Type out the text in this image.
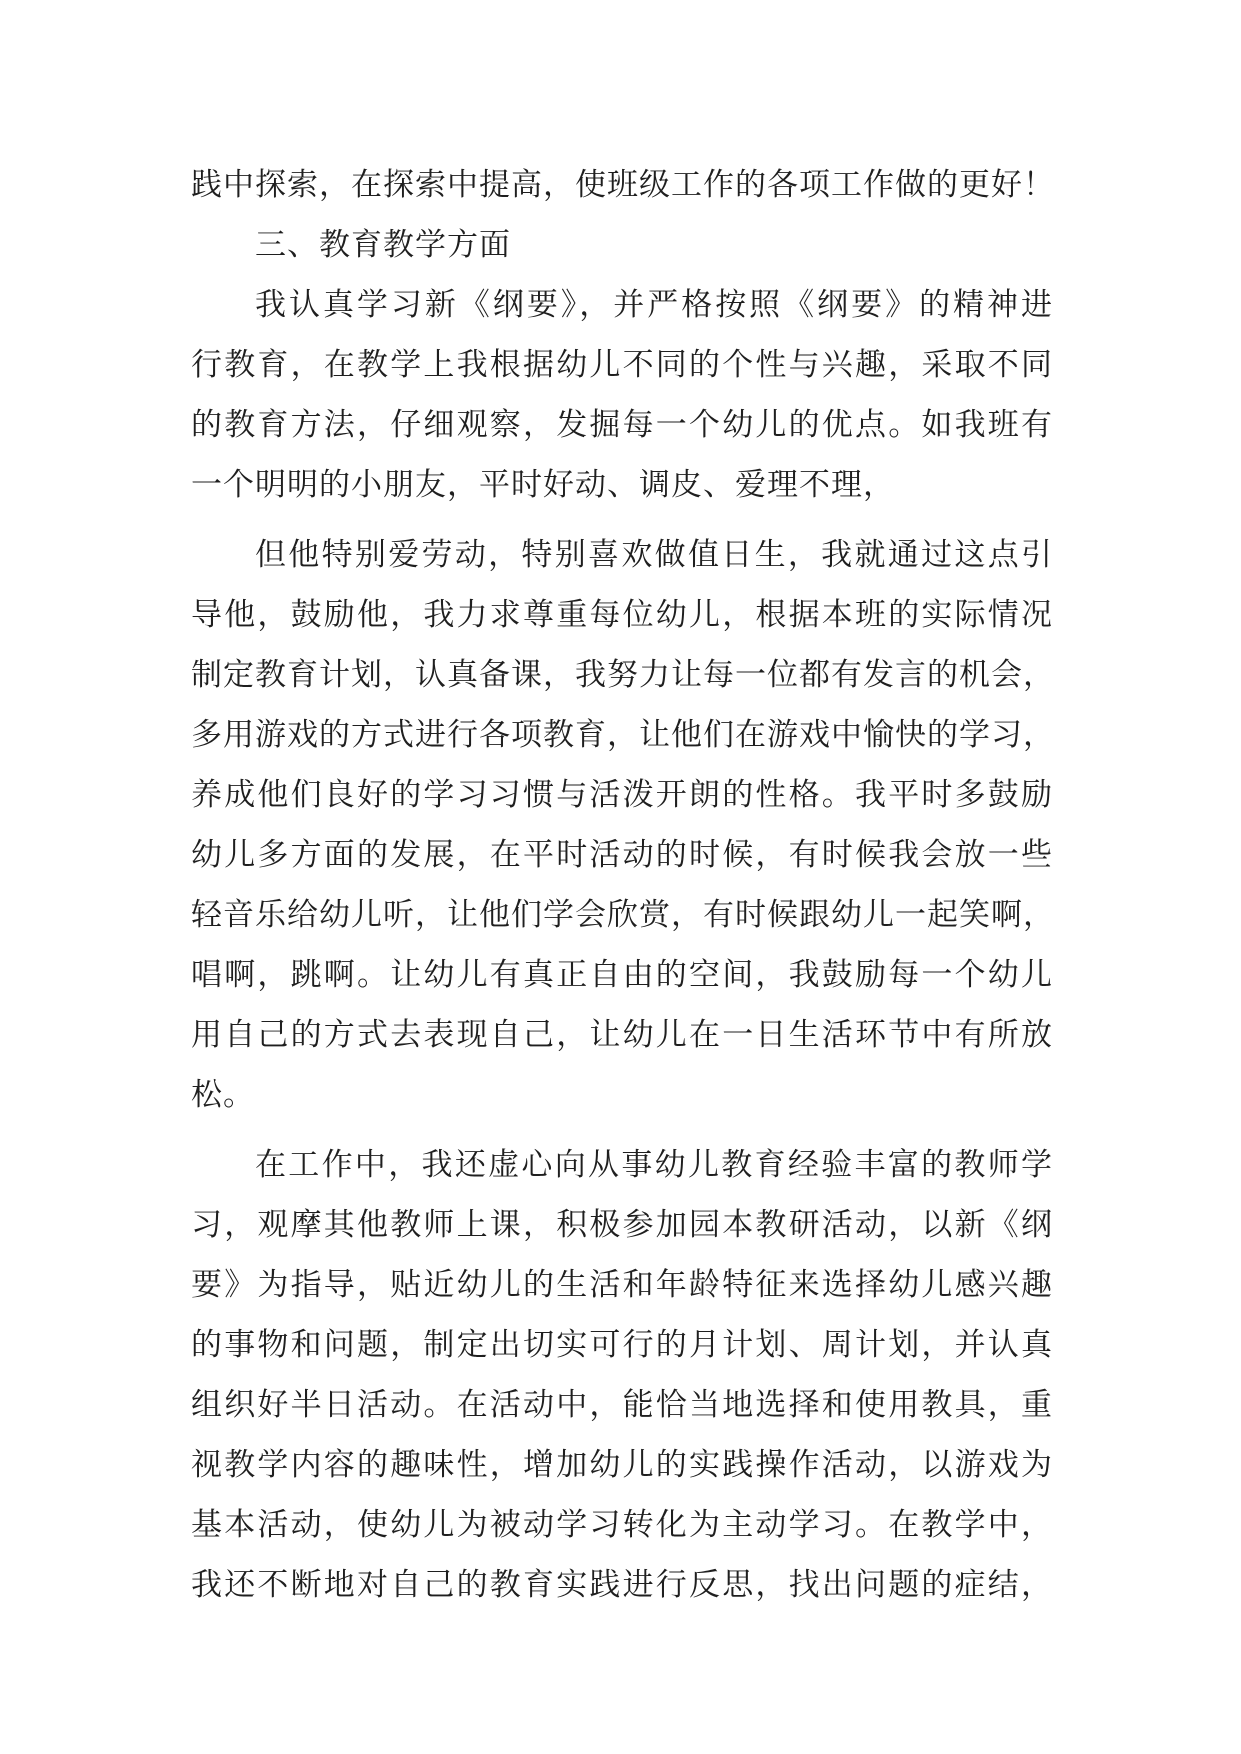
践中探索，在探索中提高，使班级工作的各项工作做的更好！
三、教育教学方面
我认真学习新《纲要》，并严格按照《纲要》的精神进
行教育，在教学上我根据幼儿不同的个性与兴趣，采取不同
的教育方法，仔细观察，发掘每一个幼儿的优点。如我班有
一个明明的小朋友，平时好动、调皮、爱理不理，
但他特别爱劳动，特别喜欢做值日生，我就通过这点引
导他，鼓励他，我力求尊重每位幼儿，根据本班的实际情况
制定教育计划，认真备课，我努力让每一位都有发言的机会，
多用游戏的方式进行各项教育，让他们在游戏中愉快的学习，
养成他们良好的学习习惯与活泼开朗的性格。我平时多鼓励
幼儿多方面的发展，在平时活动的时候，有时候我会放一些
轻音乐给幼儿听，让他们学会欣赏，有时候跟幼儿一起笑啊，
唱啊，跳啊。让幼儿有真正自由的空间，我鼓励每一个幼儿
用自己的方式去表现自己，让幼儿在一日生活环节中有所放
松。
在工作中，我还虚心向从事幼儿教育经验丰富的教师学
习，观摩其他教师上课，积极参加园本教研活动，以新《纲
要》为指导，贴近幼儿的生活和年龄特征来选择幼儿感兴趣
的事物和问题，制定出切实可行的月计划、周计划，并认真
组织好半日活动。在活动中，能恰当地选择和使用教具，重
视教学内容的趣味性，增加幼儿的实践操作活动，以游戏为
基本活动，使幼儿为被动学习转化为主动学习。在教学中，
我还不断地对自己的教育实践进行反思，找出问题的症结，
